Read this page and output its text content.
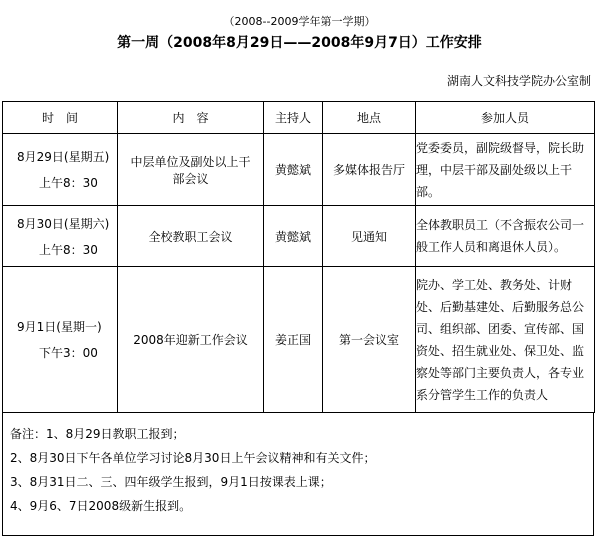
（2008--2009学年第一学期）
第一周（2008年8月29日——2008年9月7日）工作安排
湖南人文科技学院办公室制
时　间	内　容	主持人	地点	参加人员

8月29日(星期五)
上午8：30	中层单位及副处以上干部会议	黄懿斌	多媒体报告厅	党委委员，副院级督导，院长助理，中层干部及副处级以上干部。

8月30日(星期六)
上午8：30	全校教职工会议	黄懿斌	见通知	全体教职员工（不含振农公司一般工作人员和离退休人员）。

9月1日(星期一)
下午3：00	2008年迎新工作会议	姜正国	第一会议室	院办、学工处、教务处、计财处、后勤基建处、后勤服务总公司、组织部、团委、宣传部、国资处、招生就业处、保卫处、监察处等部门主要负责人，各专业系分管学生工作的负责人
备注：1、8月29日教职工报到；
2、8月30日下午各单位学习讨论8月30日上午会议精神和有关文件；
3、8月31日二、三、四年级学生报到，9月1日按课表上课；
4、9月6、7日2008级新生报到。
